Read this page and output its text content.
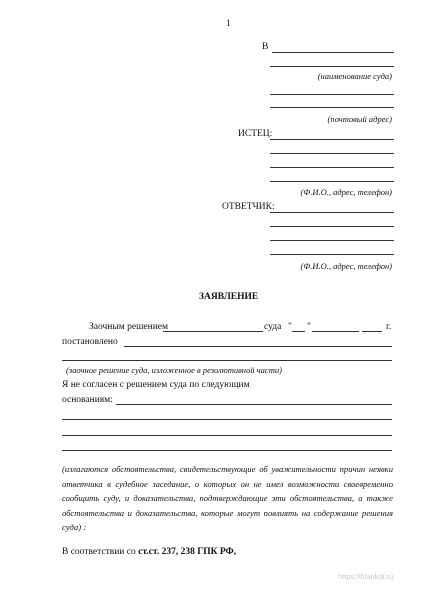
1
В
(наименование суда)
(почтовый адрес)
ИСТЕЦ:
(Ф.И.О., адрес, телефон)
ОТВЕТЧИК:
(Ф.И.О., адрес, телефон)
ЗАЯВЛЕНИЕ
Заочным решением	суда " "	г.
постановлено
(заочное решение суда, изложенное в резолютивной части)
Я не согласен с решением суда по следующим
основаниям:
(излагаются обстоятельства, свидетельствующие об уважительности причин неявки ответчика в судебное заседание, о которых он не имел возможности своевременно сообщить суду, и доказательства, подтверждающие эти обстоятельства, а также обстоятельства и доказательства, которые могут повлиять на содержание решения суда) :
В соответствии со ст.ст. 237, 238 ГПК РФ,
https://blankof.ru
